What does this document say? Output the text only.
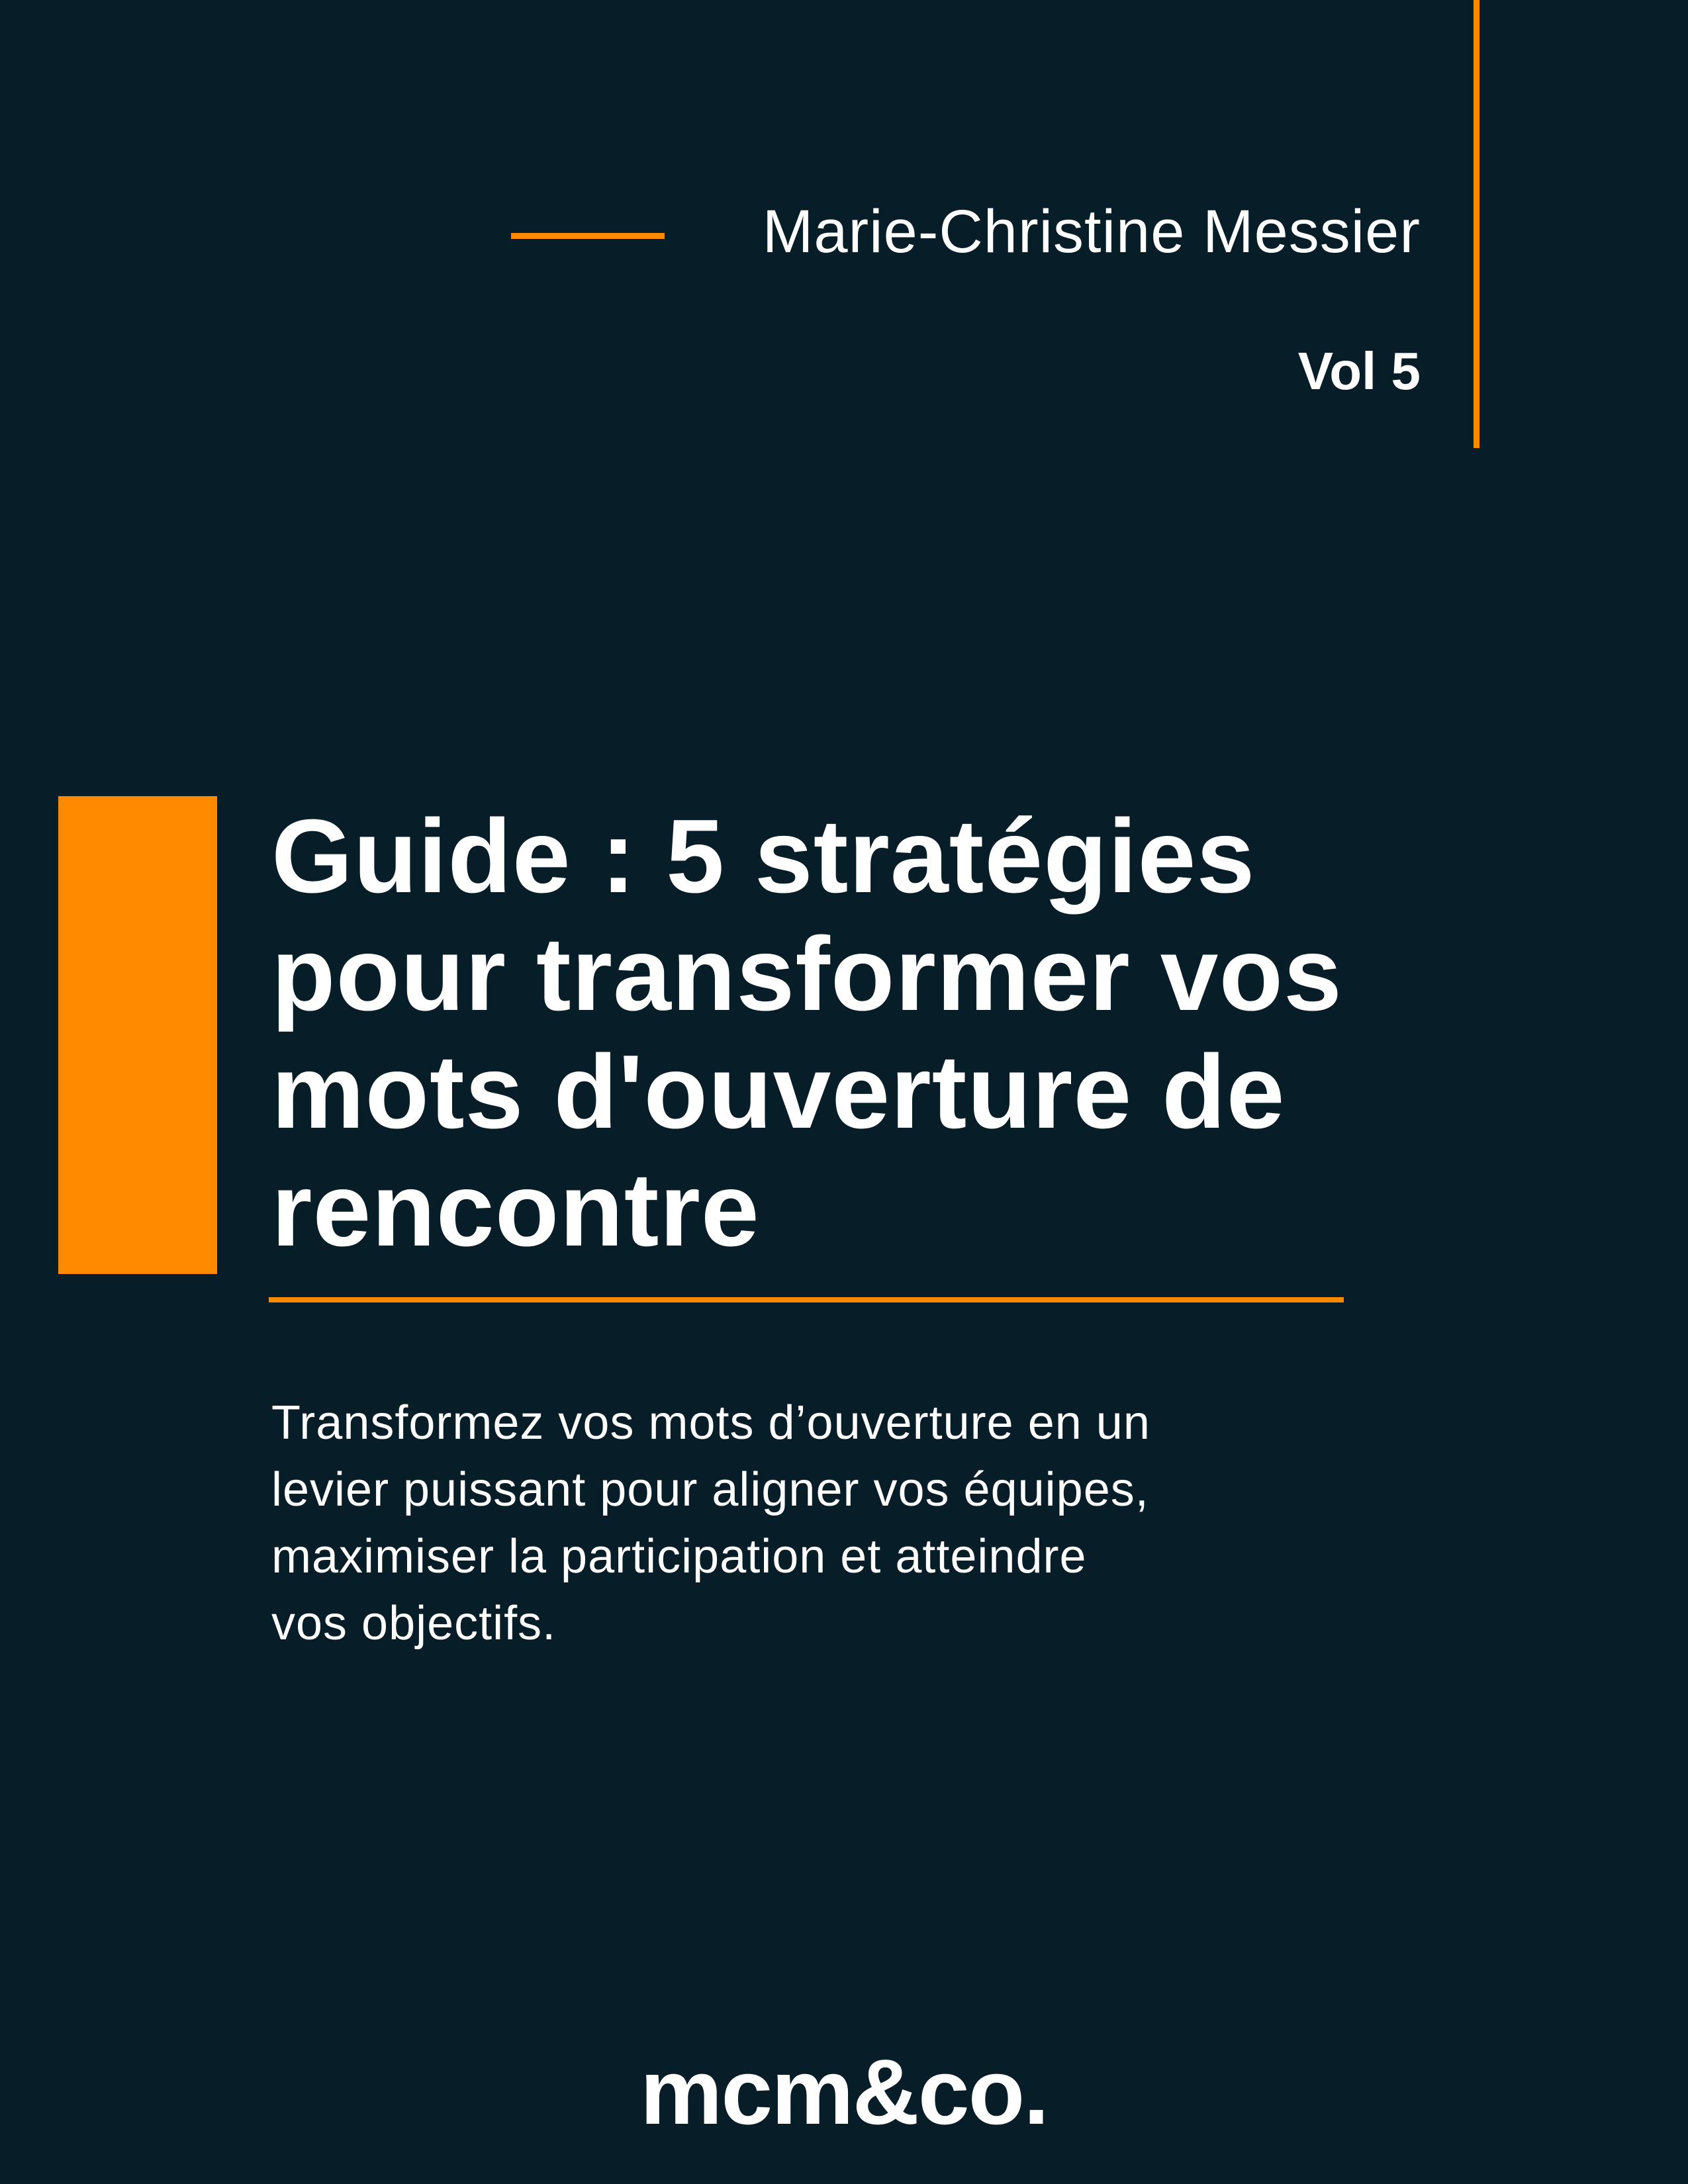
Marie-Christine Messier
Vol 5
Guide : 5 stratégies
pour transformer vos
mots d'ouverture de
rencontre
Transformez vos mots d’ouverture en un
levier puissant pour aligner vos équipes,
maximiser la participation et atteindre
vos objectifs.
mcm&co.
